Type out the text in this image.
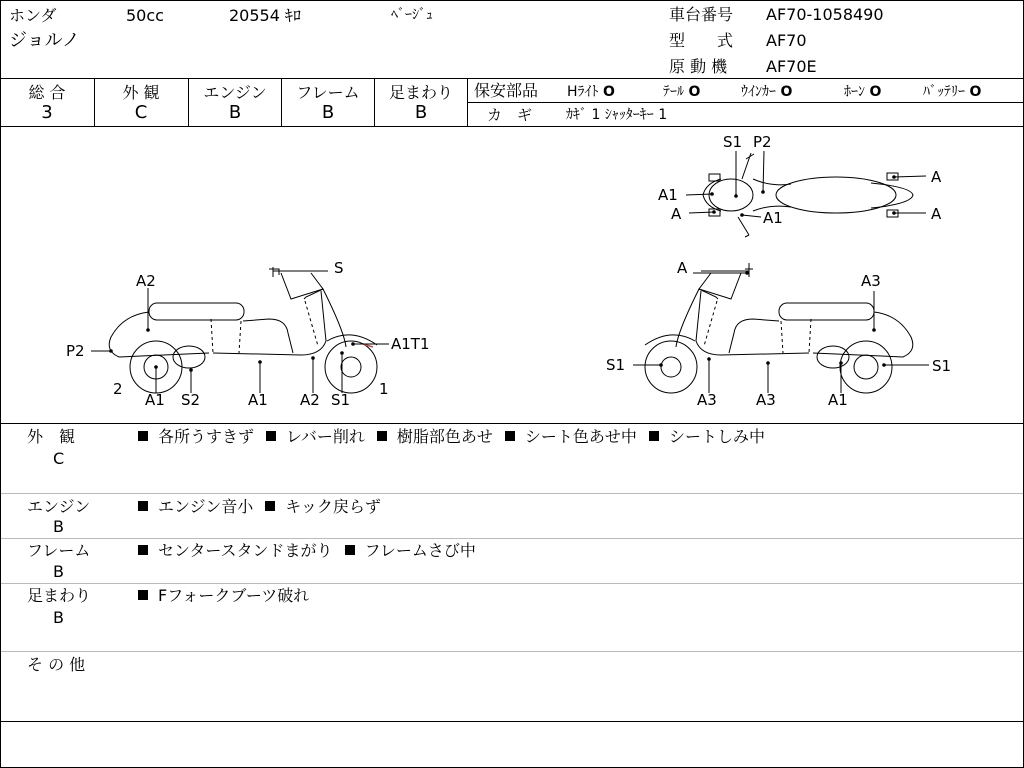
ホンダ	50cc	20554 ｷﾛ	ﾍﾞｰｼﾞｭ
ジョルノ
車台番号 AF70-1058490
型　　式 AF70
原 動 機 AF70E
総 合
3
外 観
C
エンジン
B
フレーム
B
足まわり
B
保安部品 Hﾗｲﾄ O	ﾃｰﾙ O	ｳｲﾝｶｰ O	ﾎｰﾝ O	ﾊﾞｯﾃﾘｰ O
カ　ギ ｶｷﾞ 1 ｼｬｯﾀｰｷｰ 1
S1 P2
A1
A	A1
A
A
S
A2
P2	A1T1
2
A1 S2	A1 A2 S1
1
A
A3
S1	S1
A3	A3	A1
外　観
C
各所うすきず レバー削れ 樹脂部色あせ シート色あせ中 シートしみ中
エンジン
B
エンジン音小 キック戻らず
フレーム
B
センタースタンドまがり フレームさび中
足まわり
B
Fフォークブーツ破れ
そ の 他
